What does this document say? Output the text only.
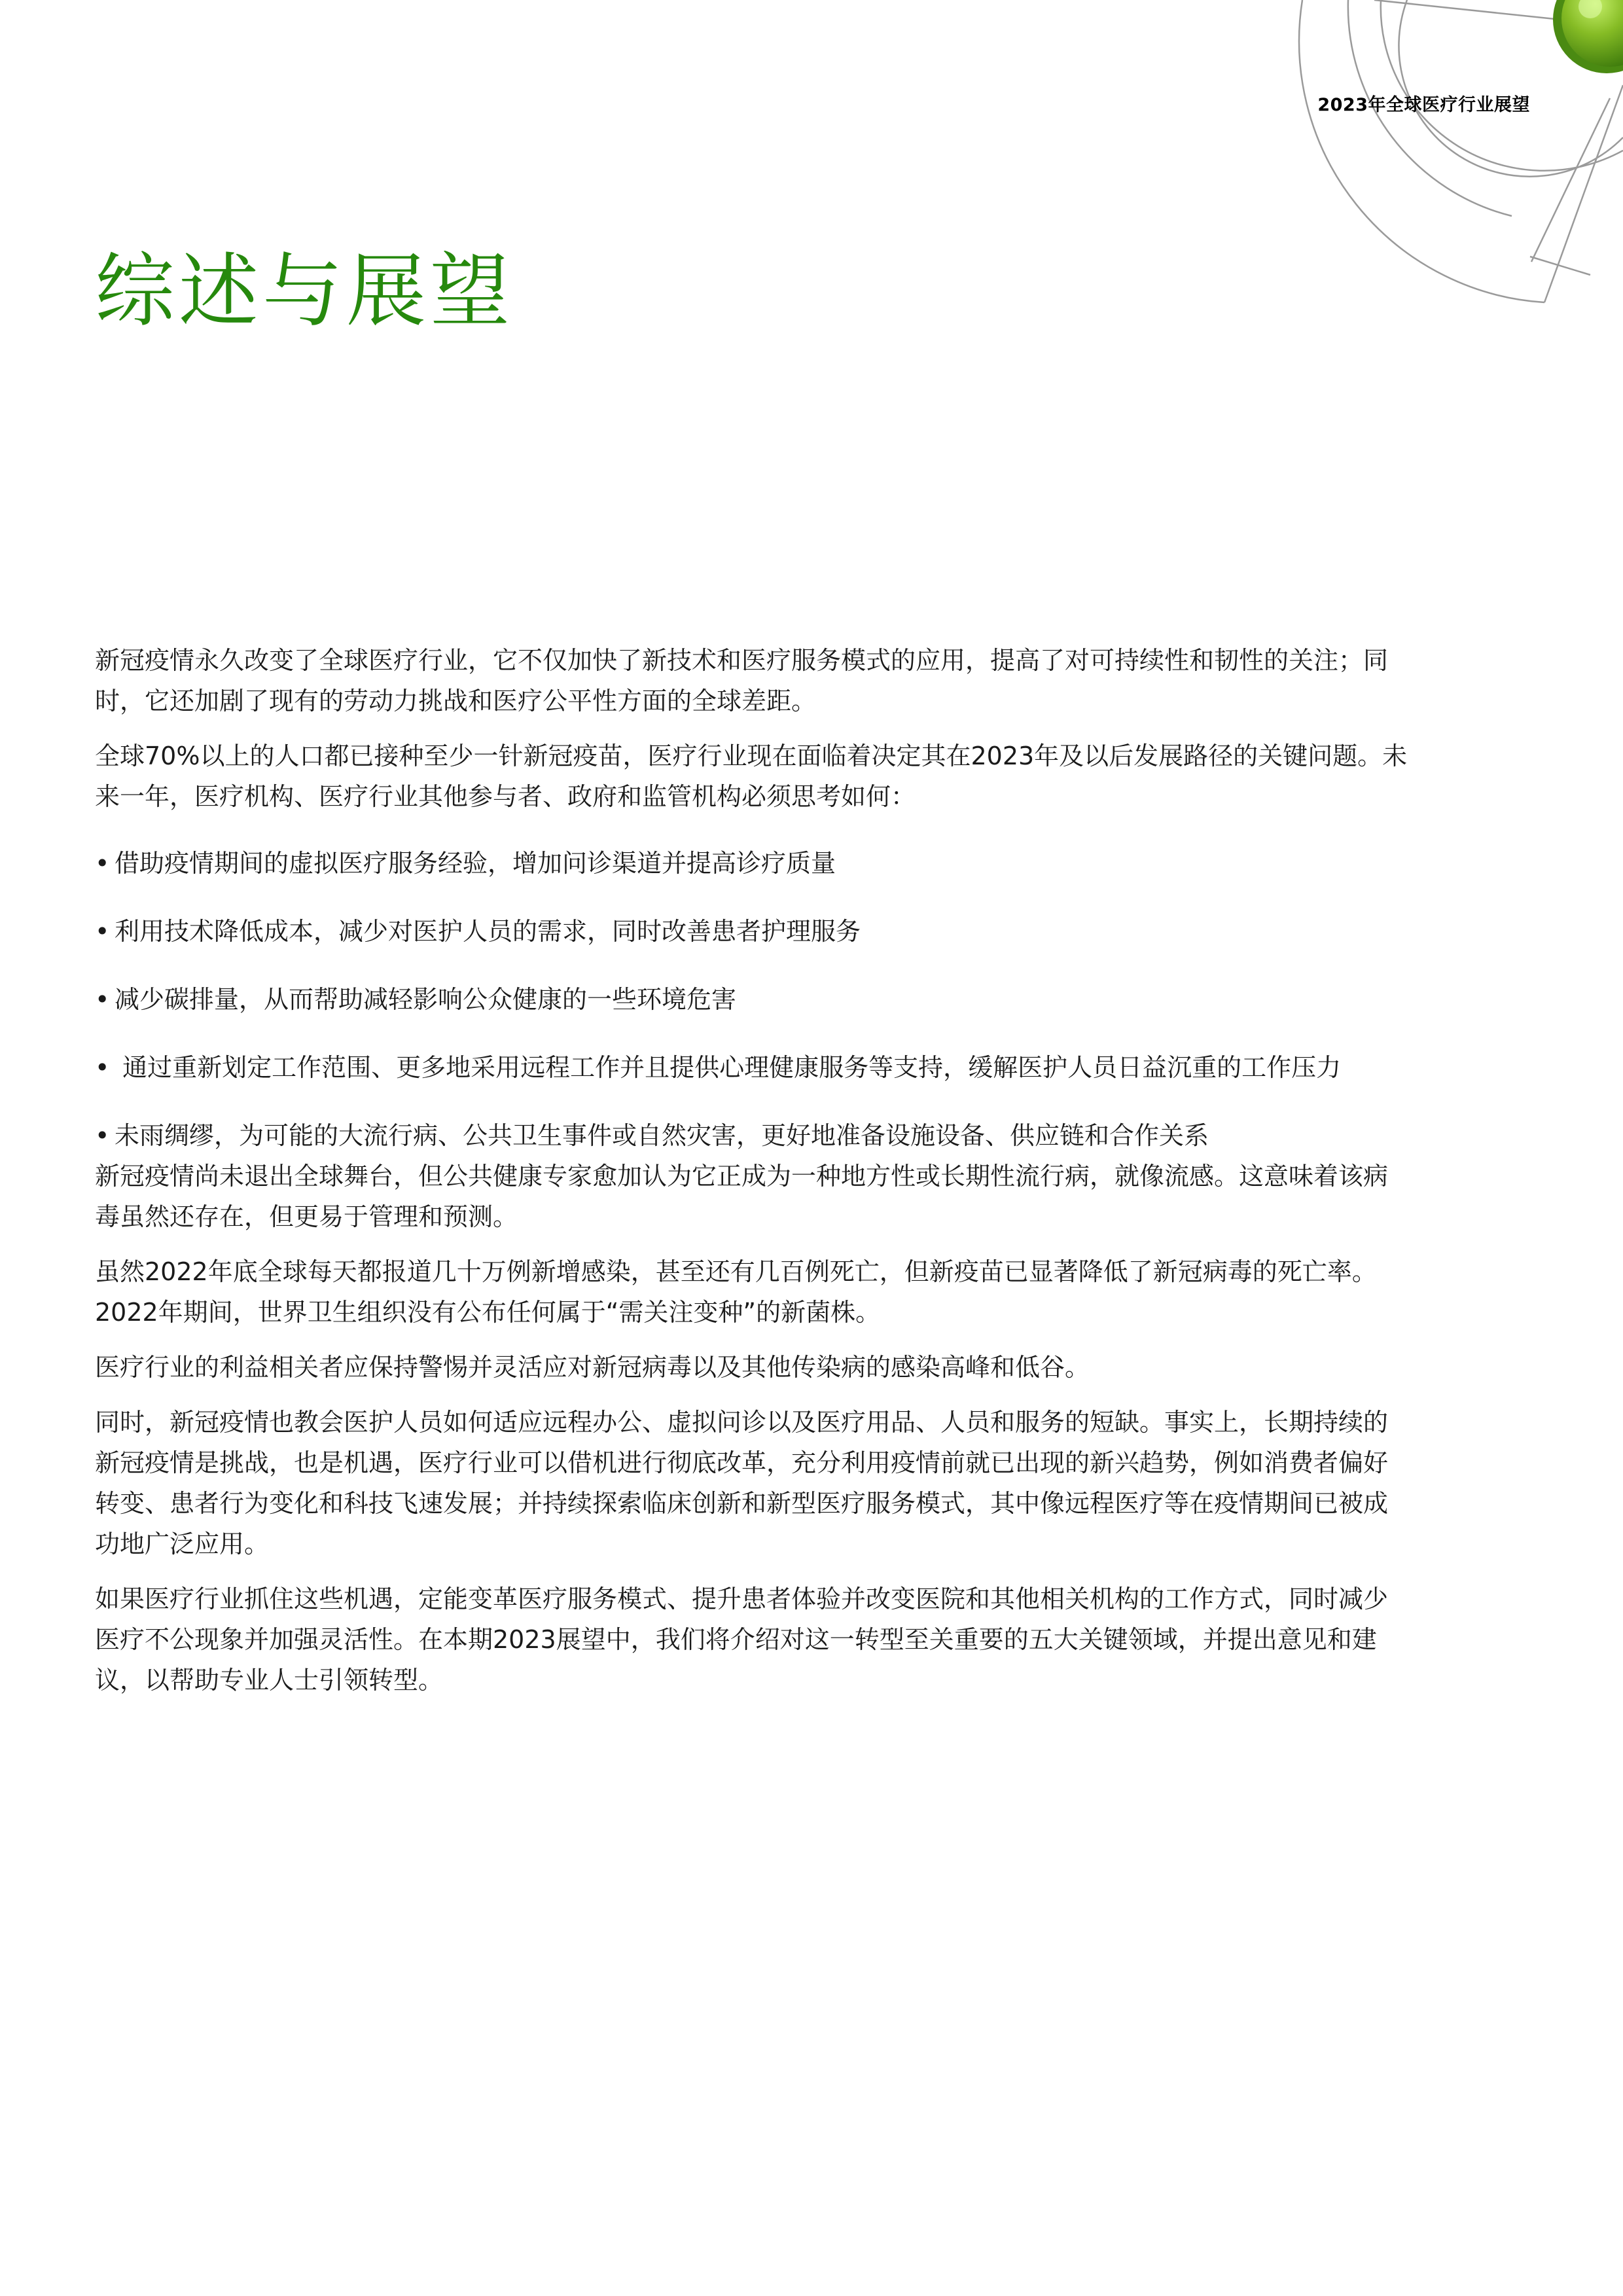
2023年全球医疗行业展望
综述与展望

新冠疫情永久改变了全球医疗行业，它不仅加快了新技术和医疗服务模式的应用，提高了对可持续性和韧性的关注；同时，它还加剧了现有的劳动力挑战和医疗公平性方面的全球差距。

全球70%以上的人口都已接种至少一针新冠疫苗，医疗行业现在面临着决定其在2023年及以后发展路径的关键问题。未来一年，医疗机构、医疗行业其他参与者、政府和监管机构必须思考如何：

• 借助疫情期间的虚拟医疗服务经验，增加问诊渠道并提高诊疗质量
• 利用技术降低成本，减少对医护人员的需求，同时改善患者护理服务
• 减少碳排量，从而帮助减轻影响公众健康的一些环境危害
• 通过重新划定工作范围、更多地采用远程工作并且提供心理健康服务等支持，缓解医护人员日益沉重的工作压力
• 未雨绸缪，为可能的大流行病、公共卫生事件或自然灾害，更好地准备设施设备、供应链和合作关系

新冠疫情尚未退出全球舞台，但公共健康专家愈加认为它正成为一种地方性或长期性流行病，就像流感。这意味着该病毒虽然还存在，但更易于管理和预测。

虽然2022年底全球每天都报道几十万例新增感染，甚至还有几百例死亡，但新疫苗已显著降低了新冠病毒的死亡率。2022年期间，世界卫生组织没有公布任何属于“需关注变种”的新菌株。

医疗行业的利益相关者应保持警惕并灵活应对新冠病毒以及其他传染病的感染高峰和低谷。

同时，新冠疫情也教会医护人员如何适应远程办公、虚拟问诊以及医疗用品、人员和服务的短缺。事实上，长期持续的新冠疫情是挑战，也是机遇，医疗行业可以借机进行彻底改革，充分利用疫情前就已出现的新兴趋势，例如消费者偏好转变、患者行为变化和科技飞速发展；并持续探索临床创新和新型医疗服务模式，其中像远程医疗等在疫情期间已被成功地广泛应用。

如果医疗行业抓住这些机遇，定能变革医疗服务模式、提升患者体验并改变医院和其他相关机构的工作方式，同时减少医疗不公现象并加强灵活性。在本期2023展望中，我们将介绍对这一转型至关重要的五大关键领域，并提出意见和建议，以帮助专业人士引领转型。
